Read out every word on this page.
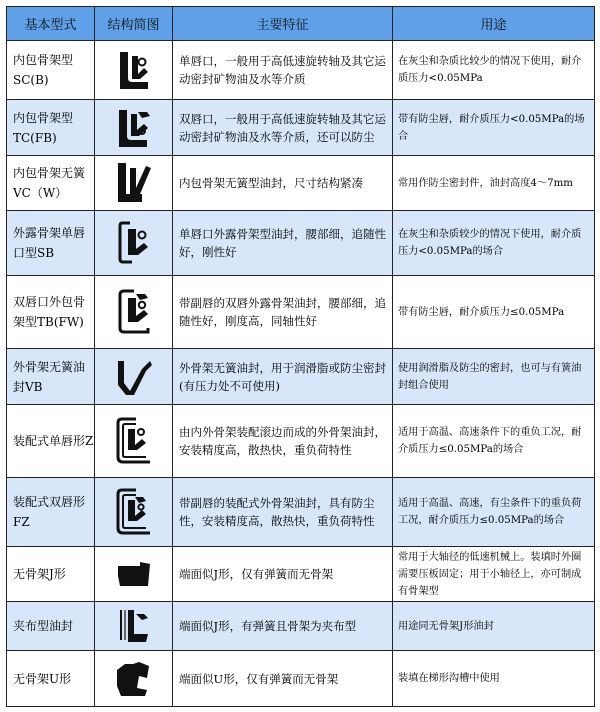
基本型式	结构简图	主要特征	用途
内包骨架型SC(B)		单唇口，一般用于高低速旋转轴及其它运动密封矿物油及水等介质	在灰尘和杂质比较少的情况下使用，耐介质压力<0.05MPa
内包骨架型TC(FB)		双唇口，一般用于高低速旋转轴及其它运动密封矿物油及水等介质，还可以防尘	带有防尘唇，耐介质压力<0.05MPa的场合
内包骨架无簧VC（W）		内包骨架无簧型油封，尺寸结构紧凑	常用作防尘密封件，油封高度4～7mm
外露骨架单唇口型SB		单唇口外露骨架型油封，腰部细，追随性好，刚性好	在灰尘和杂质较少的情况下使用，耐介质压力<0.05MPa的场合
双唇口外包骨架型TB(FW)		带副唇的双唇外露骨架油封，腰部细，追随性好，刚度高，同轴性好	带有防尘唇，耐介质压力≤0.05MPa
外骨架无簧油封VB		外骨架无簧油封，用于润滑脂或防尘密封(有压力处不可使用)	使用润滑脂及防尘的密封，也可与有簧油封组合使用
装配式单唇形Z		由内外骨架装配滚边而成的外骨架油封，安装精度高，散热快，重负荷特性	适用于高温、高速条件下的重负工况，耐介质压力≤0.05MPa的场合
装配式双唇形FZ		带副唇的装配式外骨架油封，具有防尘性，安装精度高，散热快，重负荷特性	适用于高温、高速，有尘条件下的重负荷工况，耐介质压力≤0.05MPa的场合
无骨架J形		端面似J形，仅有弹簧而无骨架	常用于大轴径的低速机械上。装填时外圈需要压板固定；用于小轴径上，亦可制成有骨架型
夹布型油封		端面似J形，有弹簧且骨架为夹布型	用途同无骨架J形油封
无骨架U形		端面似U形，仅有弹簧而无骨架	装填在梯形沟槽中使用
